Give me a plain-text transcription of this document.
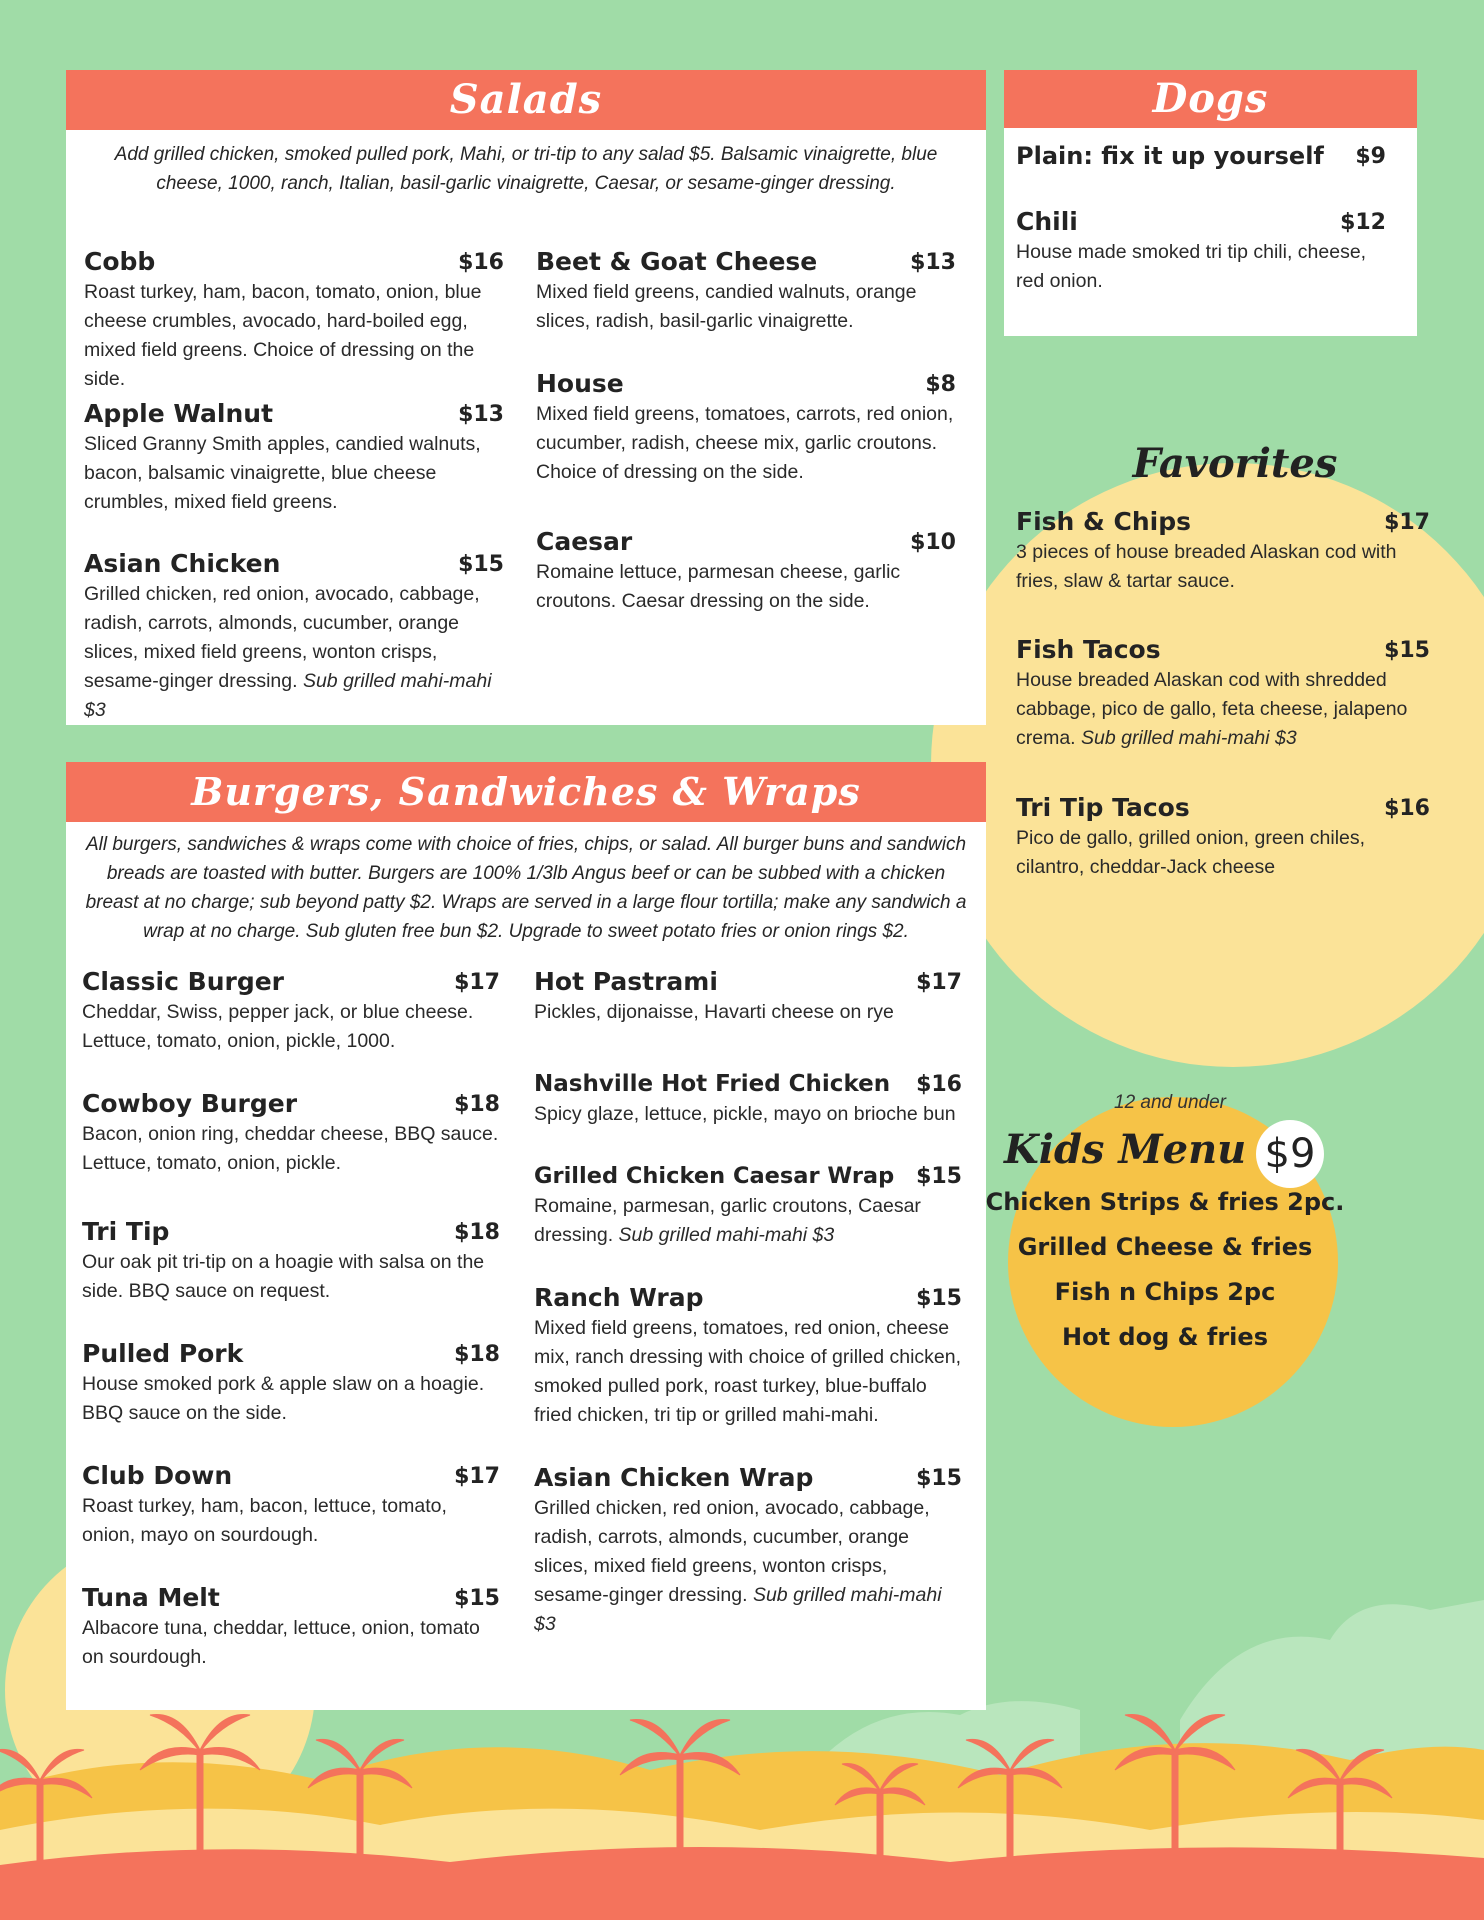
Salads
Add grilled chicken, smoked pulled pork, Mahi, or tri-tip to any salad $5. Balsamic vinaigrette, blue cheese, 1000, ranch, Italian, basil-garlic vinaigrette, Caesar, or sesame-ginger dressing.
Cobb	$16
Roast turkey, ham, bacon, tomato, onion, blue cheese crumbles, avocado, hard-boiled egg, mixed field greens. Choice of dressing on the side.
Apple Walnut	$13
Sliced Granny Smith apples, candied walnuts, bacon, balsamic vinaigrette, blue cheese crumbles, mixed field greens.
Asian Chicken	$15
Grilled chicken, red onion, avocado, cabbage, radish, carrots, almonds, cucumber, orange slices, mixed field greens, wonton crisps, sesame-ginger dressing. Sub grilled mahi-mahi $3
Beet & Goat Cheese	$13
Mixed field greens, candied walnuts, orange slices, radish, basil-garlic vinaigrette.
House	$8
Mixed field greens, tomatoes, carrots, red onion, cucumber, radish, cheese mix, garlic croutons. Choice of dressing on the side.
Caesar	$10
Romaine lettuce, parmesan cheese, garlic croutons. Caesar dressing on the side.
Burgers, Sandwiches & Wraps
All burgers, sandwiches & wraps come with choice of fries, chips, or salad. All burger buns and sandwich breads are toasted with butter. Burgers are 100% 1/3lb Angus beef or can be subbed with a chicken breast at no charge; sub beyond patty $2. Wraps are served in a large flour tortilla; make any sandwich a wrap at no charge. Sub gluten free bun $2. Upgrade to sweet potato fries or onion rings $2.
Classic Burger	$17
Cheddar, Swiss, pepper jack, or blue cheese. Lettuce, tomato, onion, pickle, 1000.
Cowboy Burger	$18
Bacon, onion ring, cheddar cheese, BBQ sauce. Lettuce, tomato, onion, pickle.
Tri Tip	$18
Our oak pit tri-tip on a hoagie with salsa on the side. BBQ sauce on request.
Pulled Pork	$18
House smoked pork & apple slaw on a hoagie. BBQ sauce on the side.
Club Down	$17
Roast turkey, ham, bacon, lettuce, tomato, onion, mayo on sourdough.
Tuna Melt	$15
Albacore tuna, cheddar, lettuce, onion, tomato on sourdough.
Hot Pastrami	$17
Pickles, dijonaisse, Havarti cheese on rye
Nashville Hot Fried Chicken	$16
Spicy glaze, lettuce, pickle, mayo on brioche bun
Grilled Chicken Caesar Wrap $15
Romaine, parmesan, garlic croutons, Caesar dressing. Sub grilled mahi-mahi $3
Ranch Wrap	$15
Mixed field greens, tomatoes, red onion, cheese mix, ranch dressing with choice of grilled chicken, smoked pulled pork, roast turkey, blue-buffalo fried chicken, tri tip or grilled mahi-mahi.
Asian Chicken Wrap	$15
Grilled chicken, red onion, avocado, cabbage, radish, carrots, almonds, cucumber, orange slices, mixed field greens, wonton crisps, sesame-ginger dressing. Sub grilled mahi-mahi $3
Dogs
Plain: fix it up yourself	$9
Chili	$12
House made smoked tri tip chili, cheese, red onion.
Favorites
Fish & Chips	$17
3 pieces of house breaded Alaskan cod with fries, slaw & tartar sauce.
Fish Tacos	$15
House breaded Alaskan cod with shredded cabbage, pico de gallo, feta cheese, jalapeno crema. Sub grilled mahi-mahi $3
Tri Tip Tacos	$16
Pico de gallo, grilled onion, green chiles, cilantro, cheddar-Jack cheese
12 and under
Kids Menu $9
Chicken Strips & fries 2pc.
Grilled Cheese & fries
Fish n Chips 2pc
Hot dog & fries
